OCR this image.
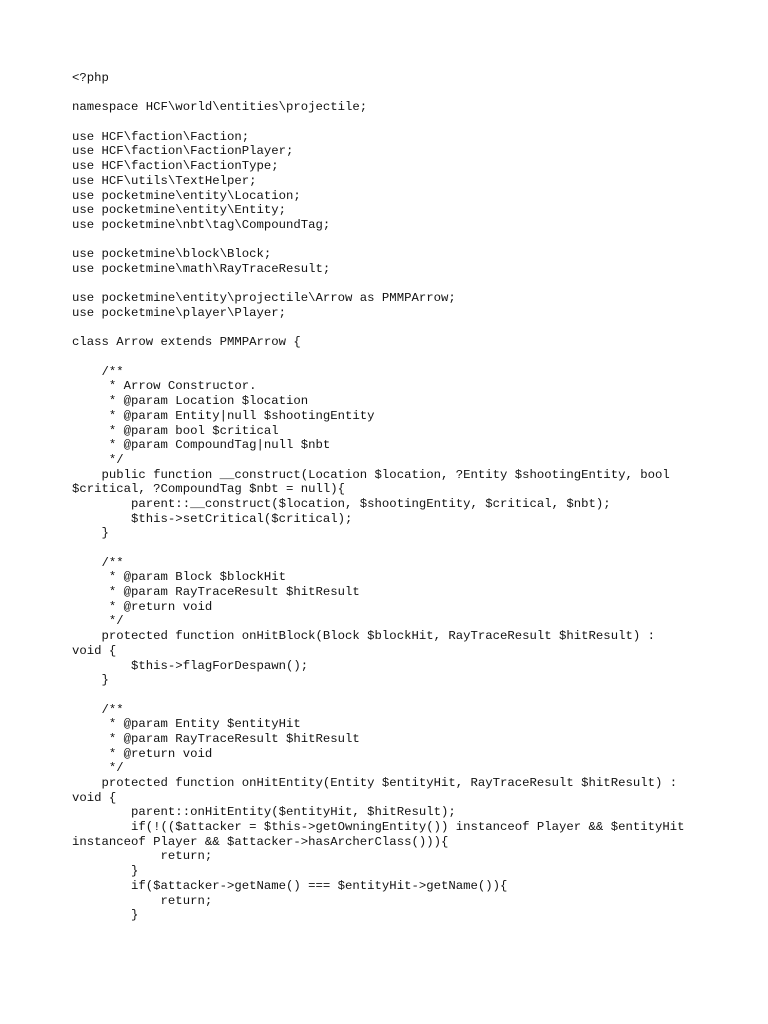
<?php
namespace HCF\world\entities\projectile;
use HCF\faction\Faction;
use HCF\faction\FactionPlayer;
use HCF\faction\FactionType;
use HCF\utils\TextHelper;
use pocketmine\entity\Location;
use pocketmine\entity\Entity;
use pocketmine\nbt\tag\CompoundTag;
use pocketmine\block\Block;
use pocketmine\math\RayTraceResult;
use pocketmine\entity\projectile\Arrow as PMMPArrow;
use pocketmine\player\Player;
class Arrow extends PMMPArrow {
/**
* Arrow Constructor.
* @param Location $location
* @param Entity|null $shootingEntity
* @param bool $critical
* @param CompoundTag|null $nbt
*/
public function __construct(Location $location, ?Entity $shootingEntity, bool
$critical, ?CompoundTag $nbt = null){
parent::__construct($location, $shootingEntity, $critical, $nbt);
$this->setCritical($critical);
}
/**
* @param Block $blockHit
* @param RayTraceResult $hitResult
* @return void
*/
protected function onHitBlock(Block $blockHit, RayTraceResult $hitResult) :
void {
$this->flagForDespawn();
}
/**
* @param Entity $entityHit
* @param RayTraceResult $hitResult
* @return void
*/
protected function onHitEntity(Entity $entityHit, RayTraceResult $hitResult) :
void {
parent::onHitEntity($entityHit, $hitResult);
if(!(($attacker = $this->getOwningEntity()) instanceof Player && $entityHit
instanceof Player && $attacker->hasArcherClass())){
return;
}
if($attacker->getName() === $entityHit->getName()){
return;
}
